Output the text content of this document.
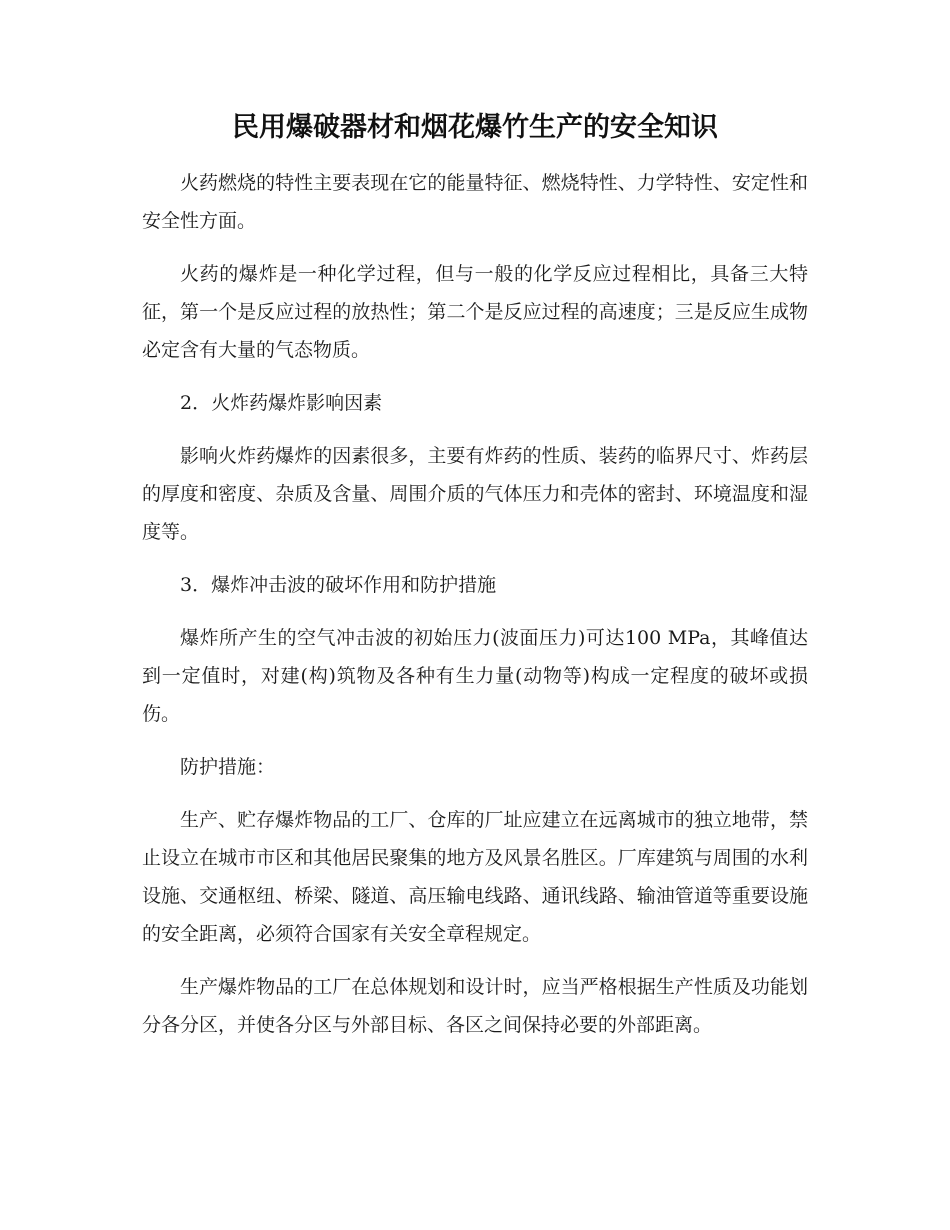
民用爆破器材和烟花爆竹生产的安全知识

火药燃烧的特性主要表现在它的能量特征、燃烧特性、力学特性、安定性和安全性方面。

火药的爆炸是一种化学过程，但与一般的化学反应过程相比，具备三大特征，第一个是反应过程的放热性；第二个是反应过程的高速度；三是反应生成物必定含有大量的气态物质。

2．火炸药爆炸影响因素

影响火炸药爆炸的因素很多，主要有炸药的性质、装药的临界尺寸、炸药层的厚度和密度、杂质及含量、周围介质的气体压力和壳体的密封、环境温度和湿度等。

3．爆炸冲击波的破坏作用和防护措施

爆炸所产生的空气冲击波的初始压力(波面压力)可达100 MPa，其峰值达到一定值时，对建(构)筑物及各种有生力量(动物等)构成一定程度的破坏或损伤。

防护措施：

生产、贮存爆炸物品的工厂、仓库的厂址应建立在远离城市的独立地带，禁止设立在城市市区和其他居民聚集的地方及风景名胜区。厂库建筑与周围的水利设施、交通枢纽、桥梁、隧道、高压输电线路、通讯线路、输油管道等重要设施的安全距离，必须符合国家有关安全章程规定。

生产爆炸物品的工厂在总体规划和设计时，应当严格根据生产性质及功能划分各分区，并使各分区与外部目标、各区之间保持必要的外部距离。
